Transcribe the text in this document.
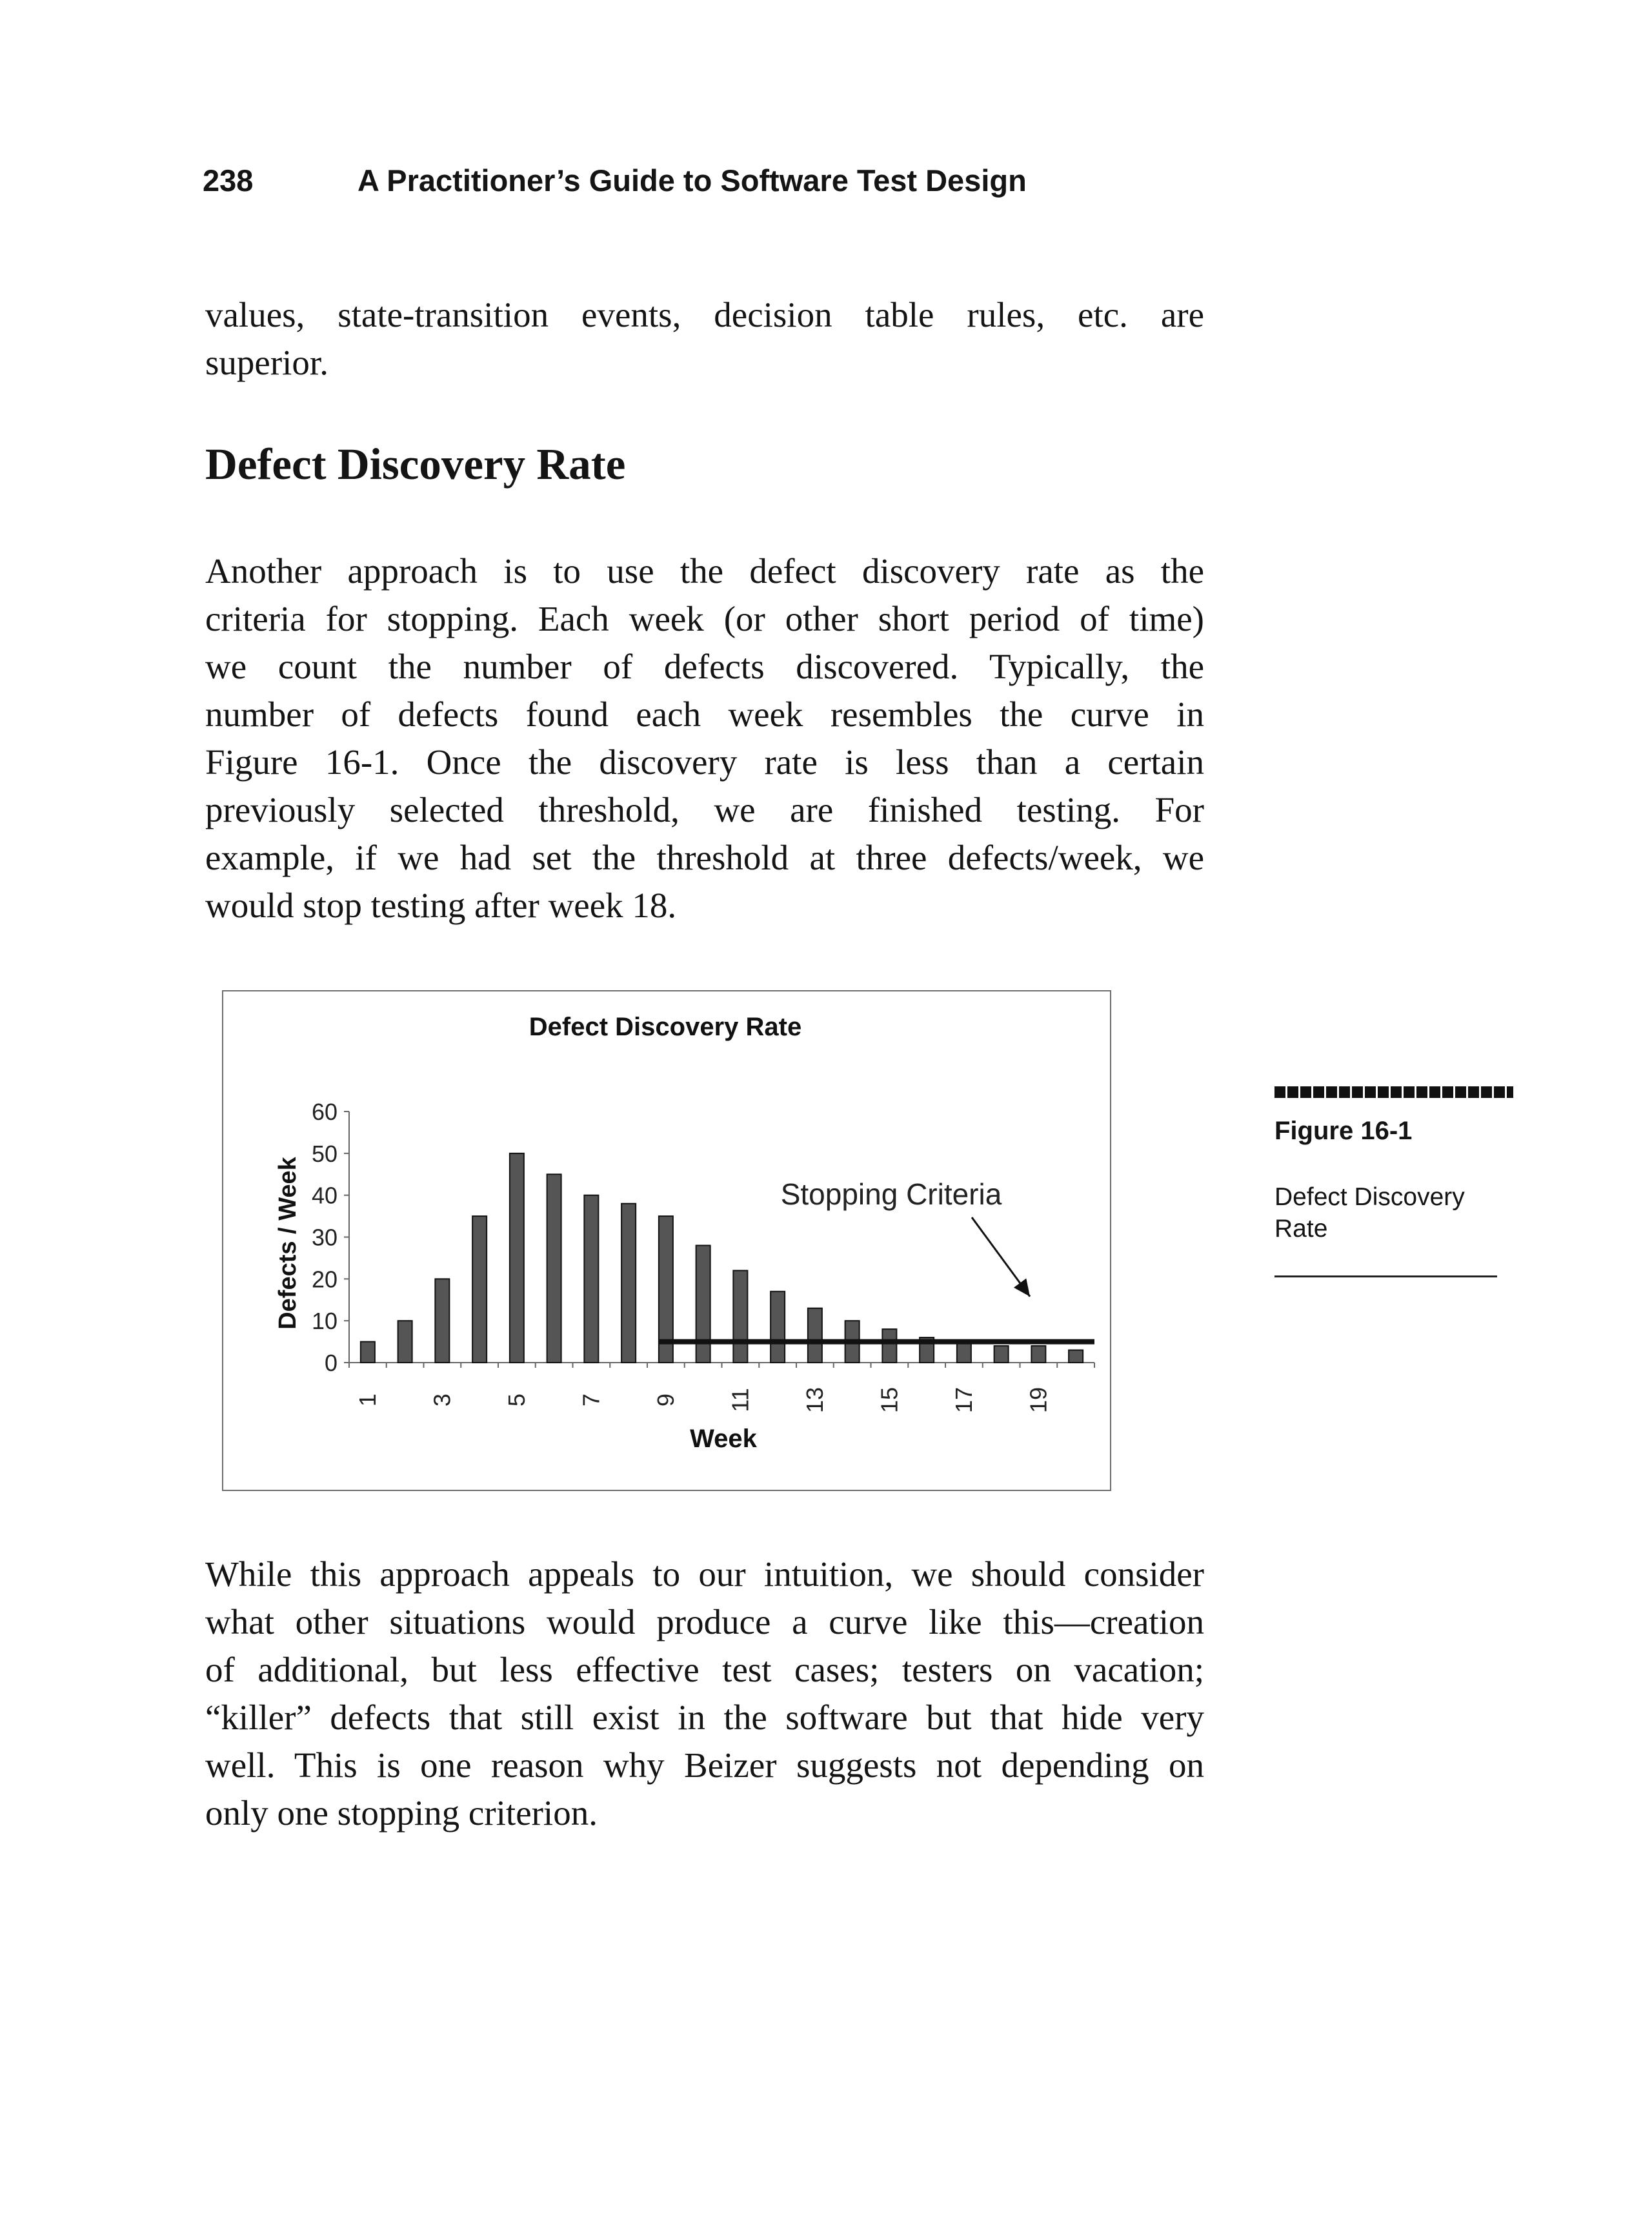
238	A Practitioner’s Guide to Software Test Design

values, state-transition events, decision table rules, etc. are
superior.

Defect Discovery Rate

Another approach is to use the defect discovery rate as the
criteria for stopping. Each week (or other short period of time)
we count the number of defects discovered. Typically, the
number of defects found each week resembles the curve in
Figure 16-1. Once the discovery rate is less than a certain
previously selected threshold, we are finished testing. For
example, if we had set the threshold at three defects/week, we
would stop testing after week 18.

Defect Discovery Rate
Defects / Week
Week
Stopping Criteria
0
10
20
30
40
50
60
1 3 5 7 9 11 13 15 17 19
Figure 16-1
Defect Discovery
Rate

While this approach appeals to our intuition, we should consider
what other situations would produce a curve like this—creation
of additional, but less effective test cases; testers on vacation;
“killer” defects that still exist in the software but that hide very
well. This is one reason why Beizer suggests not depending on
only one stopping criterion.
